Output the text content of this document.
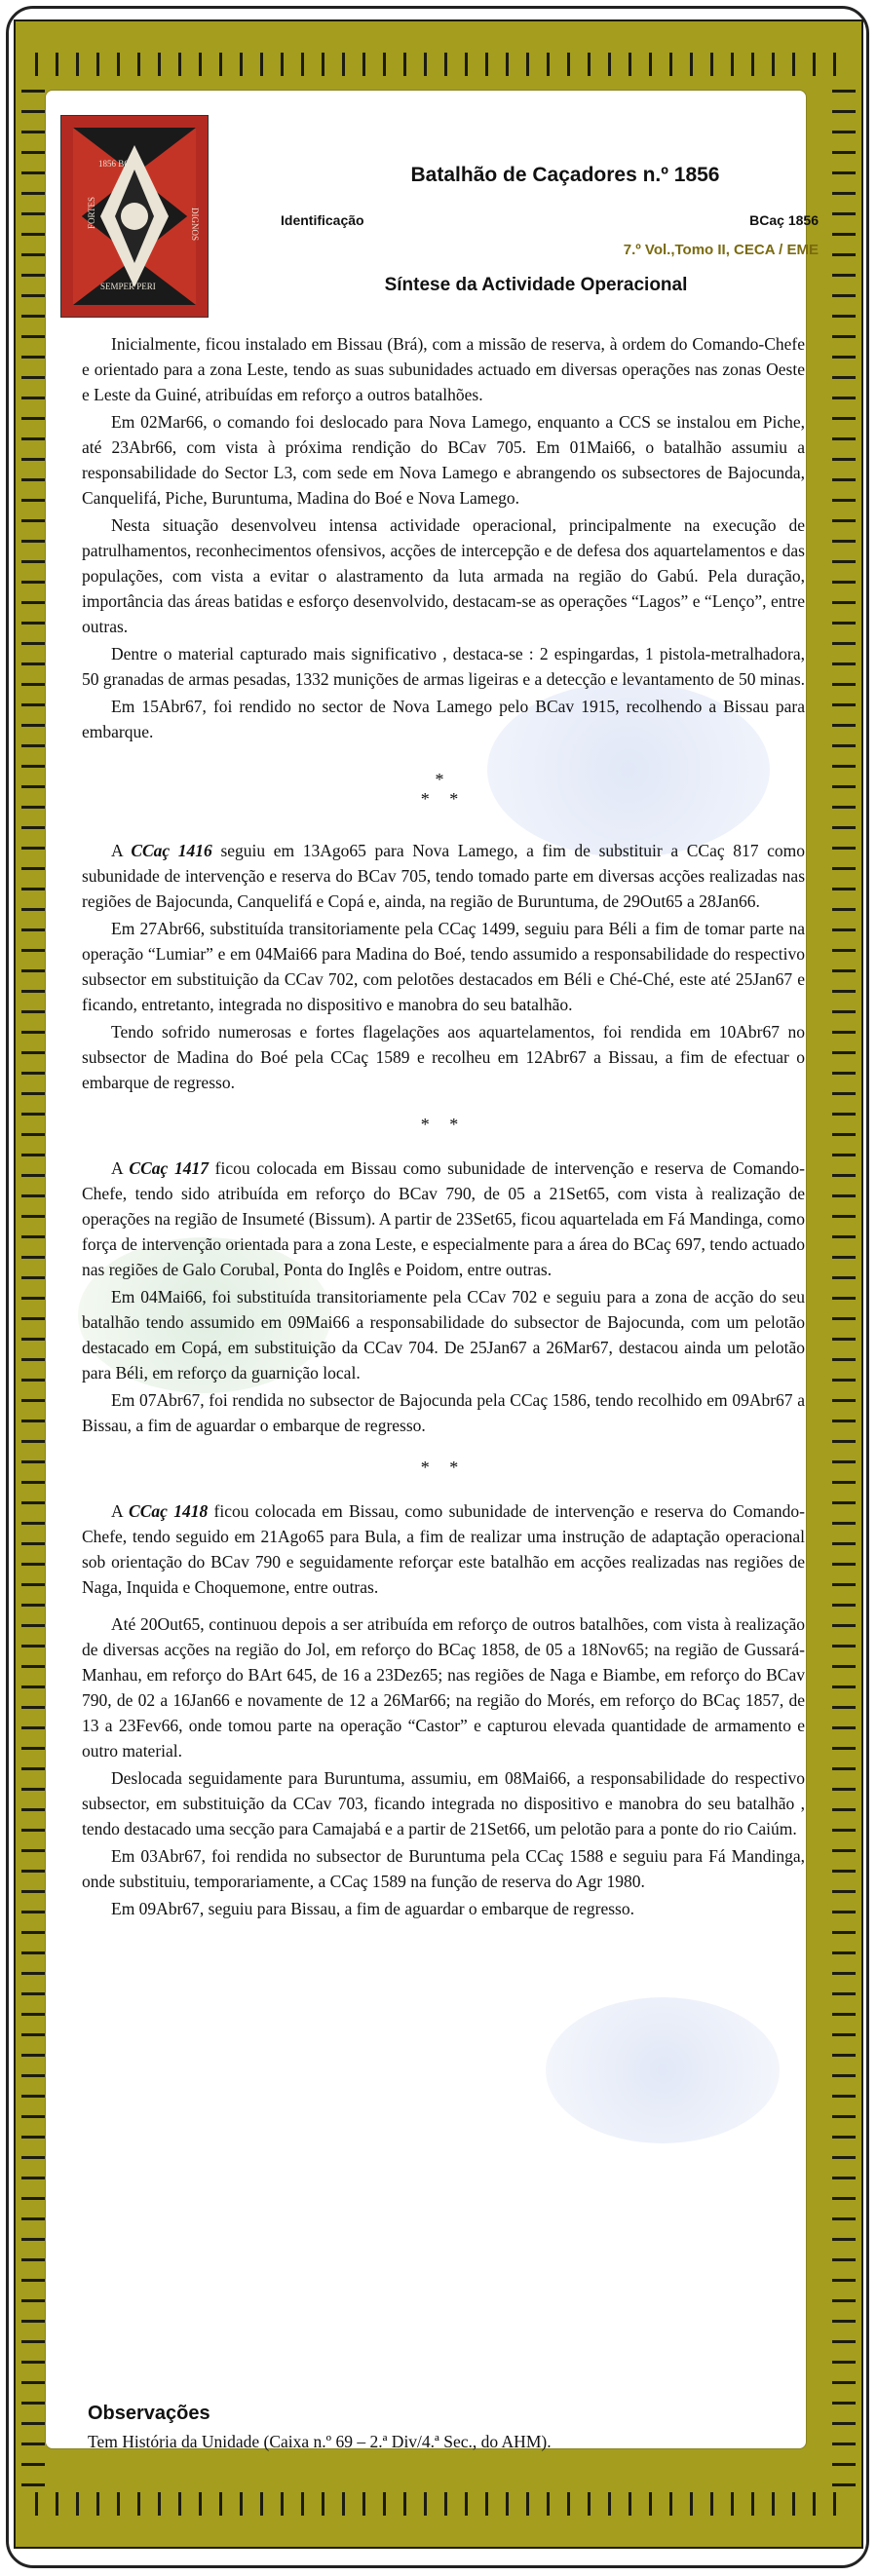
1856 BCAÇ
FORTES	DIGNOS
SEMPER PERI
Batalhão de Caçadores n.º 1856
Identificação	BCaç 1856
7.º Vol.,Tomo II, CECA / EME
Síntese da Actividade Operacional

Inicialmente, ficou instalado em Bissau (Brá), com a missão de reserva, à ordem do Comando-Chefe e orientado para a zona Leste, tendo as suas subunidades actuado em diversas operações nas zonas Oeste e Leste da Guiné, atribuídas em reforço a outros batalhões.

Em 02Mar66, o comando foi deslocado para Nova Lamego, enquanto a CCS se instalou em Piche, até 23Abr66, com vista à próxima rendição do BCav 705. Em 01Mai66, o batalhão assumiu a responsabilidade do Sector L3, com sede em Nova Lamego e abrangendo os subsectores de Bajocunda, Canquelifá, Piche, Buruntuma, Madina do Boé e Nova Lamego.

Nesta situação desenvolveu intensa actividade operacional, principalmente na execução de patrulhamentos, reconhecimentos ofensivos, acções de intercepção e de defesa dos aquartelamentos e das populações, com vista a evitar o alastramento da luta armada na região do Gabú. Pela duração, importância das áreas batidas e esforço desenvolvido, destacam-se as operações “Lagos” e “Lenço”, entre outras.

Dentre o material capturado mais significativo , destaca-se : 2 espingardas, 1 pistola-metralhadora, 50 granadas de armas pesadas, 1332 munições de armas ligeiras e a detecção e levantamento de 50 minas.

Em 15Abr67, foi rendido no sector de Nova Lamego pelo BCav 1915, recolhendo a Bissau para embarque.

*
* *

A CCaç 1416 seguiu em 13Ago65 para Nova Lamego, a fim de substituir a CCaç 817 como subunidade de intervenção e reserva do BCav 705, tendo tomado parte em diversas acções realizadas nas regiões de Bajocunda, Canquelifá e Copá e, ainda, na região de Buruntuma, de 29Out65 a 28Jan66.

Em 27Abr66, substituída transitoriamente pela CCaç 1499, seguiu para Béli a fim de tomar parte na operação “Lumiar” e em 04Mai66 para Madina do Boé, tendo assumido a responsabilidade do respectivo subsector em substituição da CCav 702, com pelotões destacados em Béli e Ché-Ché, este até 25Jan67 e ficando, entretanto, integrada no dispositivo e manobra do seu batalhão.

Tendo sofrido numerosas e fortes flagelações aos aquartelamentos, foi rendida em 10Abr67 no subsector de Madina do Boé pela CCaç 1589 e recolheu em 12Abr67 a Bissau, a fim de efectuar o embarque de regresso.

* *

A CCaç 1417 ficou colocada em Bissau como subunidade de intervenção e reserva de Comando-Chefe, tendo sido atribuída em reforço do BCav 790, de 05 a 21Set65, com vista à realização de operações na região de Insumeté (Bissum). A partir de 23Set65, ficou aquartelada em Fá Mandinga, como força de intervenção orientada para a zona Leste, e especialmente para a área do BCaç 697, tendo actuado nas regiões de Galo Corubal, Ponta do Inglês e Poidom, entre outras.

Em 04Mai66, foi substituída transitoriamente pela CCav 702 e seguiu para a zona de acção do seu batalhão tendo assumido em 09Mai66 a responsabilidade do subsector de Bajocunda, com um pelotão destacado em Copá, em substituição da CCav 704. De 25Jan67 a 26Mar67, destacou ainda um pelotão para Béli, em reforço da guarnição local.

Em 07Abr67, foi rendida no subsector de Bajocunda pela CCaç 1586, tendo recolhido em 09Abr67 a Bissau, a fim de aguardar o embarque de regresso.

* *

A CCaç 1418 ficou colocada em Bissau, como subunidade de intervenção e reserva do Comando-Chefe, tendo seguido em 21Ago65 para Bula, a fim de realizar uma instrução de adaptação operacional sob orientação do BCav 790 e seguidamente reforçar este batalhão em acções realizadas nas regiões de Naga, Inquida e Choquemone, entre outras.

Até 20Out65, continuou depois a ser atribuída em reforço de outros batalhões, com vista à realização de diversas acções na região do Jol, em reforço do BCaç 1858, de 05 a 18Nov65; na região de Gussará-Manhau, em reforço do BArt 645, de 16 a 23Dez65; nas regiões de Naga e Biambe, em reforço do BCav 790, de 02 a 16Jan66 e novamente de 12 a 26Mar66; na região do Morés, em reforço do BCaç 1857, de 13 a 23Fev66, onde tomou parte na operação “Castor” e capturou elevada quantidade de armamento e outro material.

Deslocada seguidamente para Buruntuma, assumiu, em 08Mai66, a responsabilidade do respectivo subsector, em substituição da CCav 703, ficando integrada no dispositivo e manobra do seu batalhão , tendo destacado uma secção para Camajabá e a partir de 21Set66, um pelotão para a ponte do rio Caiúm.

Em 03Abr67, foi rendida no subsector de Buruntuma pela CCaç 1588 e seguiu para Fá Mandinga, onde substituiu, temporariamente, a CCaç 1589 na função de reserva do Agr 1980.

Em 09Abr67, seguiu para Bissau, a fim de aguardar o embarque de regresso.

Observações
Tem História da Unidade (Caixa n.º 69 – 2.ª Div/4.ª Sec., do AHM).
